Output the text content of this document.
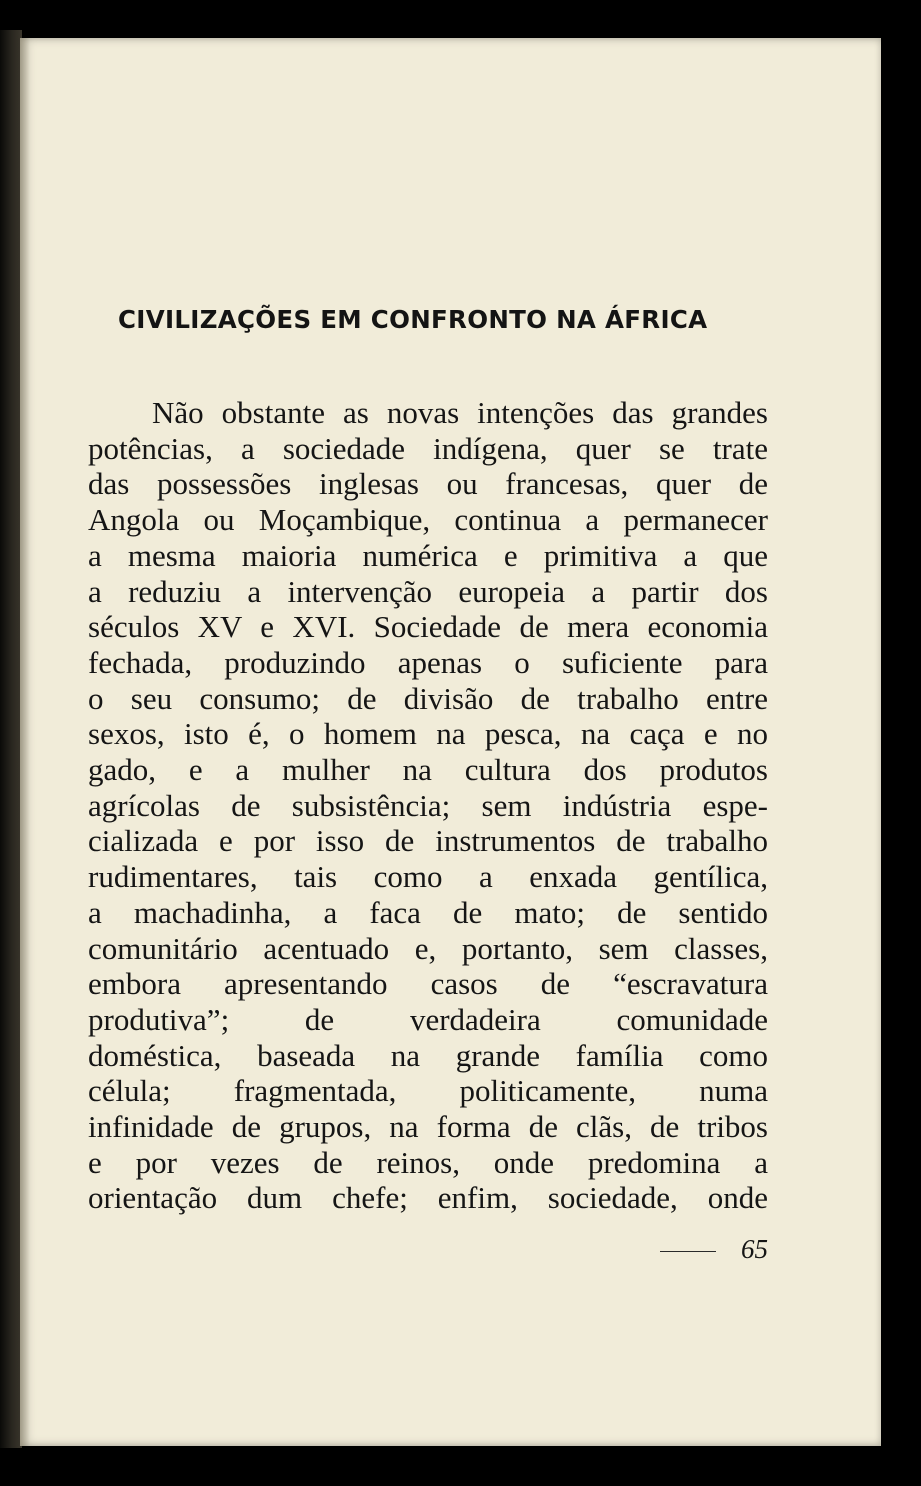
CIVILIZAÇÕES EM CONFRONTO NA ÁFRICA
Não obstante as novas intenções das grandes
potências, a sociedade indígena, quer se trate
das possessões inglesas ou francesas, quer de
Angola ou Moçambique, continua a permanecer
a mesma maioria numérica e primitiva a que
a reduziu a intervenção europeia a partir dos
séculos XV e XVI. Sociedade de mera economia
fechada, produzindo apenas o suficiente para
o seu consumo; de divisão de trabalho entre
sexos, isto é, o homem na pesca, na caça e no
gado, e a mulher na cultura dos produtos
agrícolas de subsistência; sem indústria espe-
cializada e por isso de instrumentos de trabalho
rudimentares, tais como a enxada gentílica,
a machadinha, a faca de mato; de sentido
comunitário acentuado e, portanto, sem classes,
embora apresentando casos de “escravatura
produtiva”; de verdadeira comunidade
doméstica, baseada na grande família como
célula; fragmentada, politicamente, numa
infinidade de grupos, na forma de clãs, de tribos
e por vezes de reinos, onde predomina a
orientação dum chefe; enfim, sociedade, onde
65
